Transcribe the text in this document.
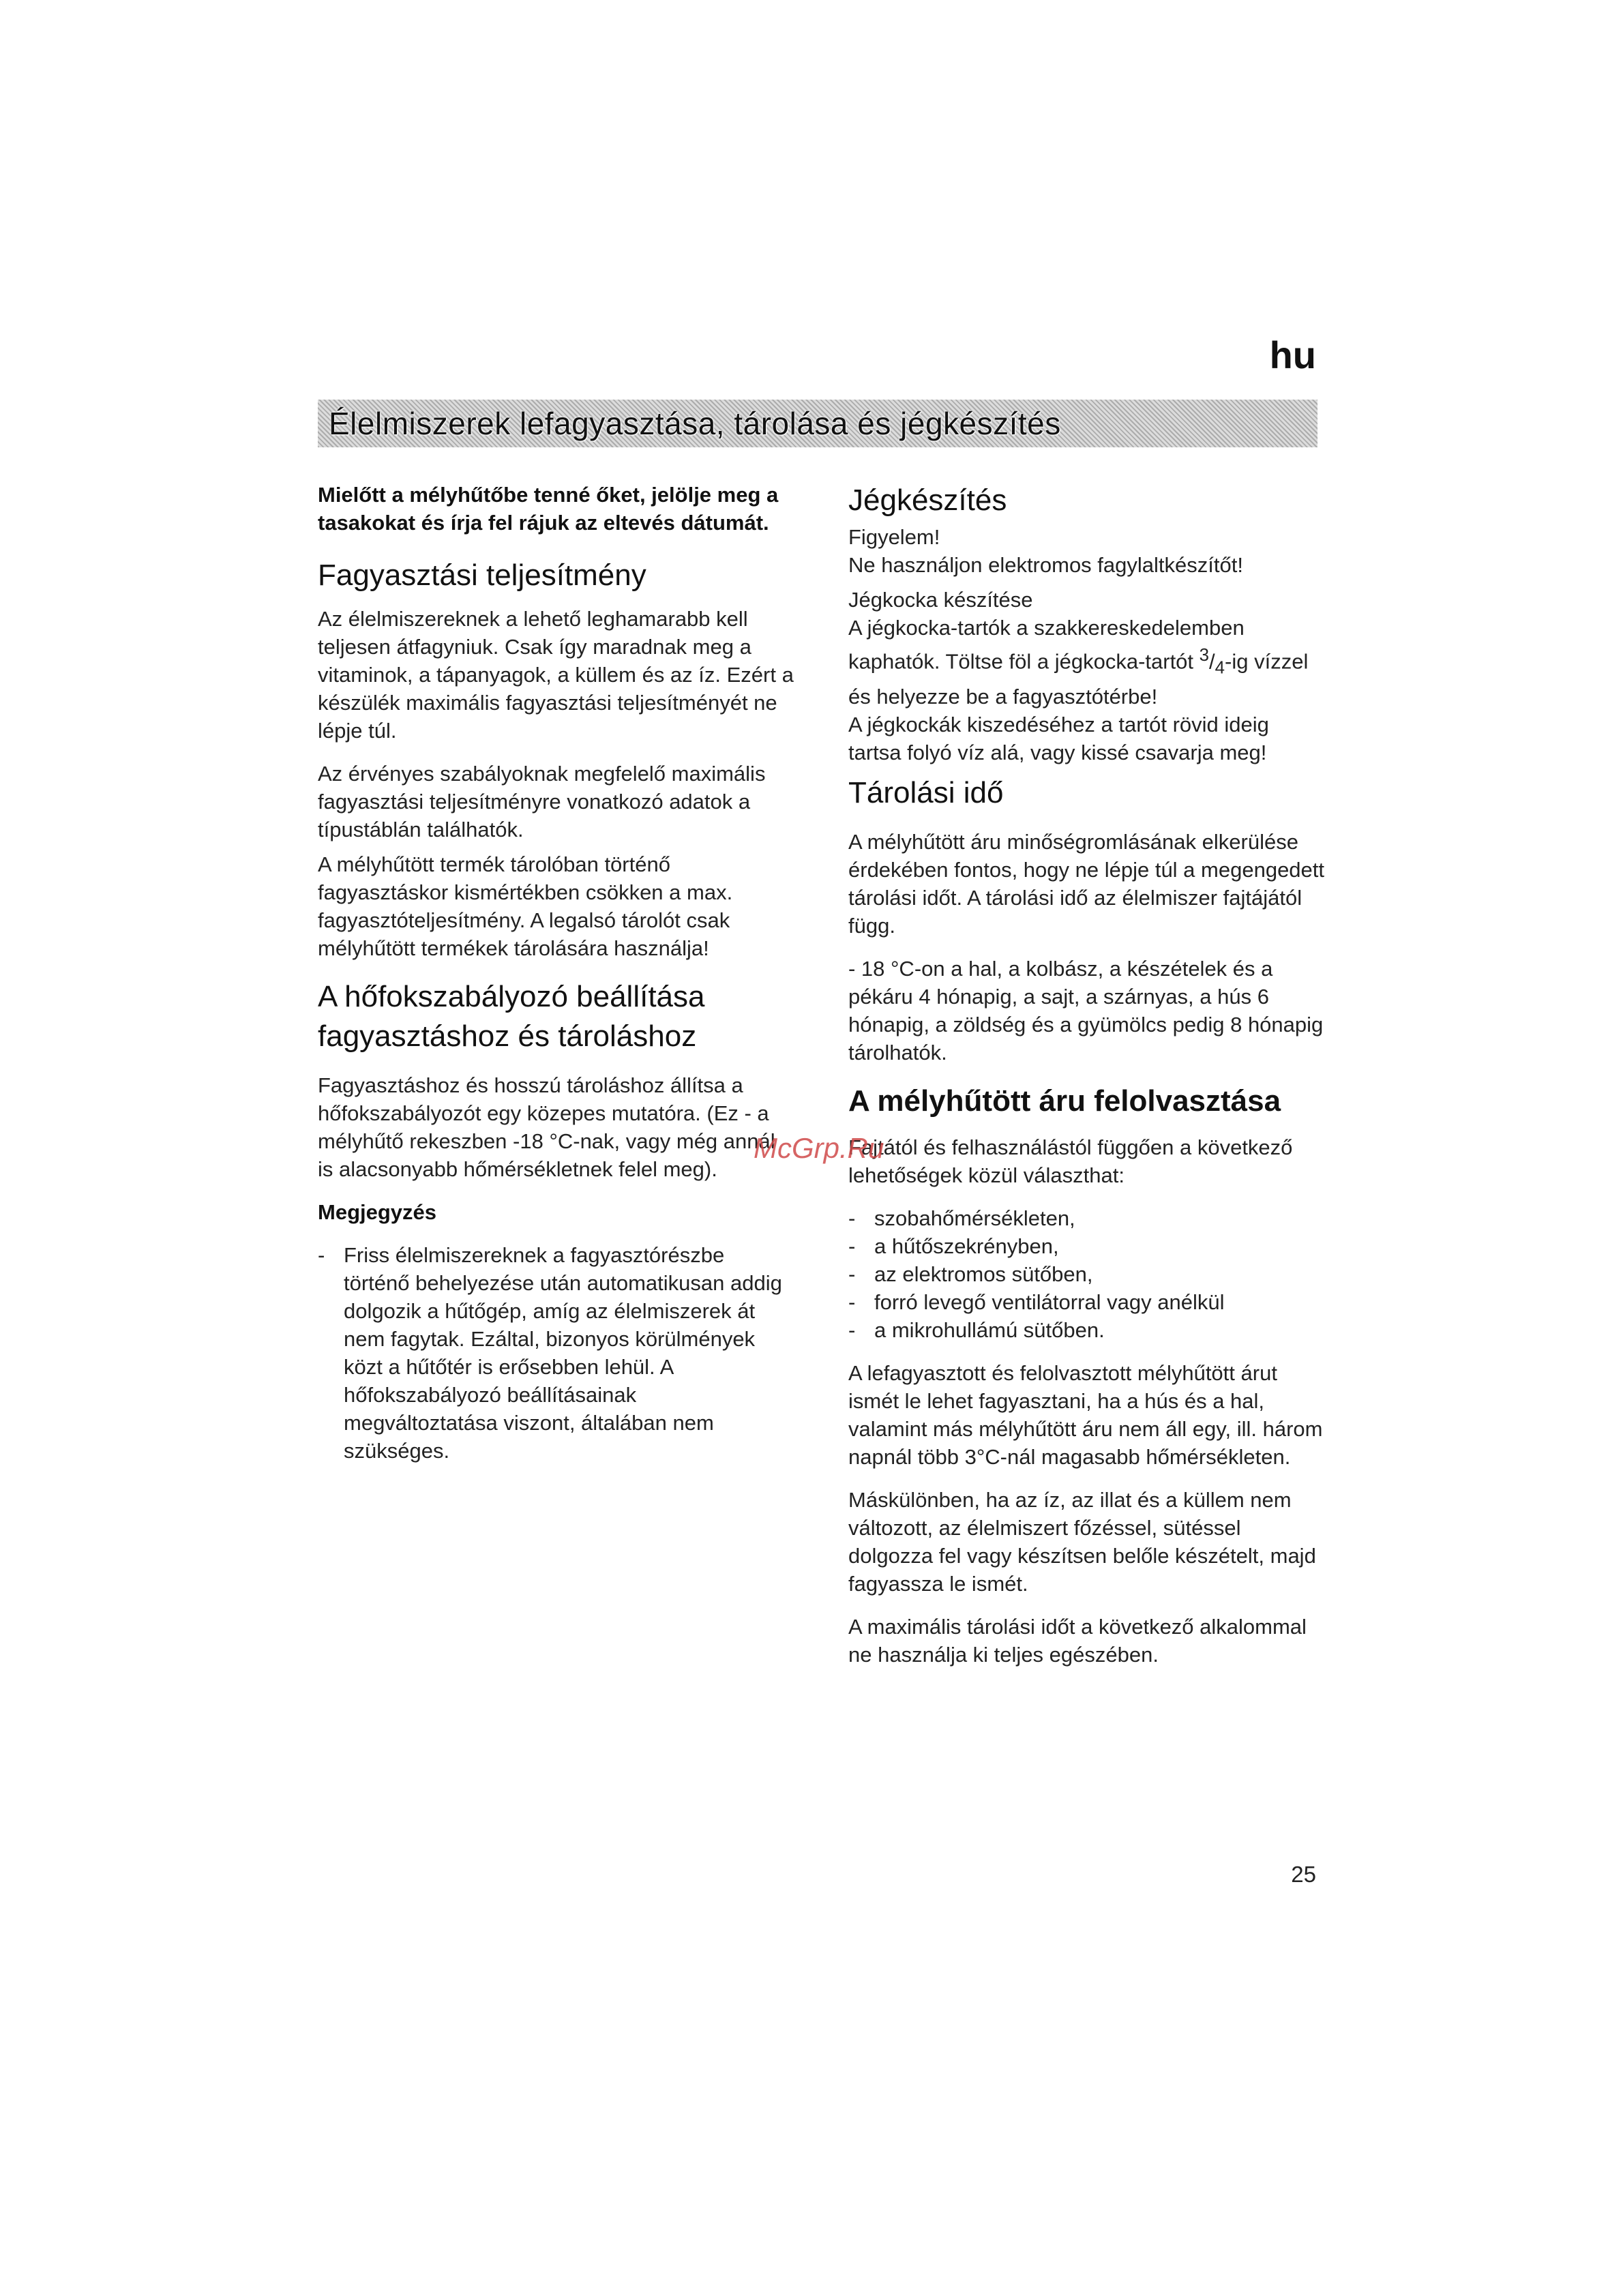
hu
Élelmiszerek lefagyasztása, tárolása és jégkészítés

Mielőtt a mélyhűtőbe tenné őket, jelölje meg a tasakokat és írja fel rájuk az eltevés dátumát.

Fagyasztási teljesítmény

Az élelmiszereknek a lehető leghamarabb kell teljesen átfagyniuk. Csak így maradnak meg a vitaminok, a tápanyagok, a küllem és az íz. Ezért a készülék maximális fagyasztási teljesítményét ne lépje túl.

Az érvényes szabályoknak megfelelő maximális fagyasztási teljesítményre vonatkozó adatok a típustáblán találhatók.

A mélyhűtött termék tárolóban történő fagyasztáskor kismértékben csökken a max. fagyasztóteljesítmény. A legalsó tárolót csak mélyhűtött termékek tárolására használja!

A hőfokszabályozó beállítása fagyasztáshoz és tároláshoz

Fagyasztáshoz és hosszú tároláshoz állítsa a hőfokszabályozót egy közepes mutatóra. (Ez - a mélyhűtő rekeszben -18 °C-nak, vagy még annál is alacsonyabb hőmérsékletnek felel meg).

Megjegyzés
- Friss élelmiszereknek a fagyasztórészbe történő behelyezése után automatikusan addig dolgozik a hűtőgép, amíg az élelmiszerek át nem fagytak. Ezáltal, bizonyos körülmények közt a hűtőtér is erősebben lehül. A hőfokszabályozó beállításainak megváltoztatása viszont, általában nem szükséges.
Jégkészítés

Figyelem!

Ne használjon elektromos fagylaltkészítőt!

Jégkocka készítése

A jégkocka-tartók a szakkereskedelemben kaphatók. Töltse föl a jégkocka-tartót $^3/_4-ig$ vízzel és helyezze be a fagyasztótérbe!

A jégkockák kiszedéséhez a tartót rövid ideig tartsa folyó víz alá, vagy kissé csavarja meg!

Tárolási idő

A mélyhűtött áru minőségromlásának elkerülése érdekében fontos, hogy ne lépje túl a megengedett tárolási időt. A tárolási idő az élelmiszer fajtájától függ.

- 18 °C-on a hal, a kolbász, a készételek és a pékáru 4 hónapig, a sajt, a szárnyas, a hús 6 hónapig, a zöldség és a gyümölcs pedig 8 hónapig tárolhatók.

A mélyhűtött áru felolvasztása

Fajtától és felhasználástól függően a következő lehetőségek közül választhat:

- szobahőmérsékleten,
- a hűtőszekrényben,
- az elektromos sütőben,
- forró levegő ventilátorral vagy anélkül
- a mikrohullámú sütőben.

A lefagyasztott és felolvasztott mélyhűtött árut ismét le lehet fagyasztani, ha a hús és a hal, valamint más mélyhűtött áru nem áll egy, ill. három napnál több 3°C-nál magasabb hőmérsékleten.

Máskülönben, ha az íz, az illat és a küllem nem változott, az élelmiszert főzéssel, sütéssel dolgozza fel vagy készítsen belőle készételt, majd fagyassza le ismét.

A maximális tárolási időt a következő alkalommal ne használja ki teljes egészében.

McGrp.Ru
25
